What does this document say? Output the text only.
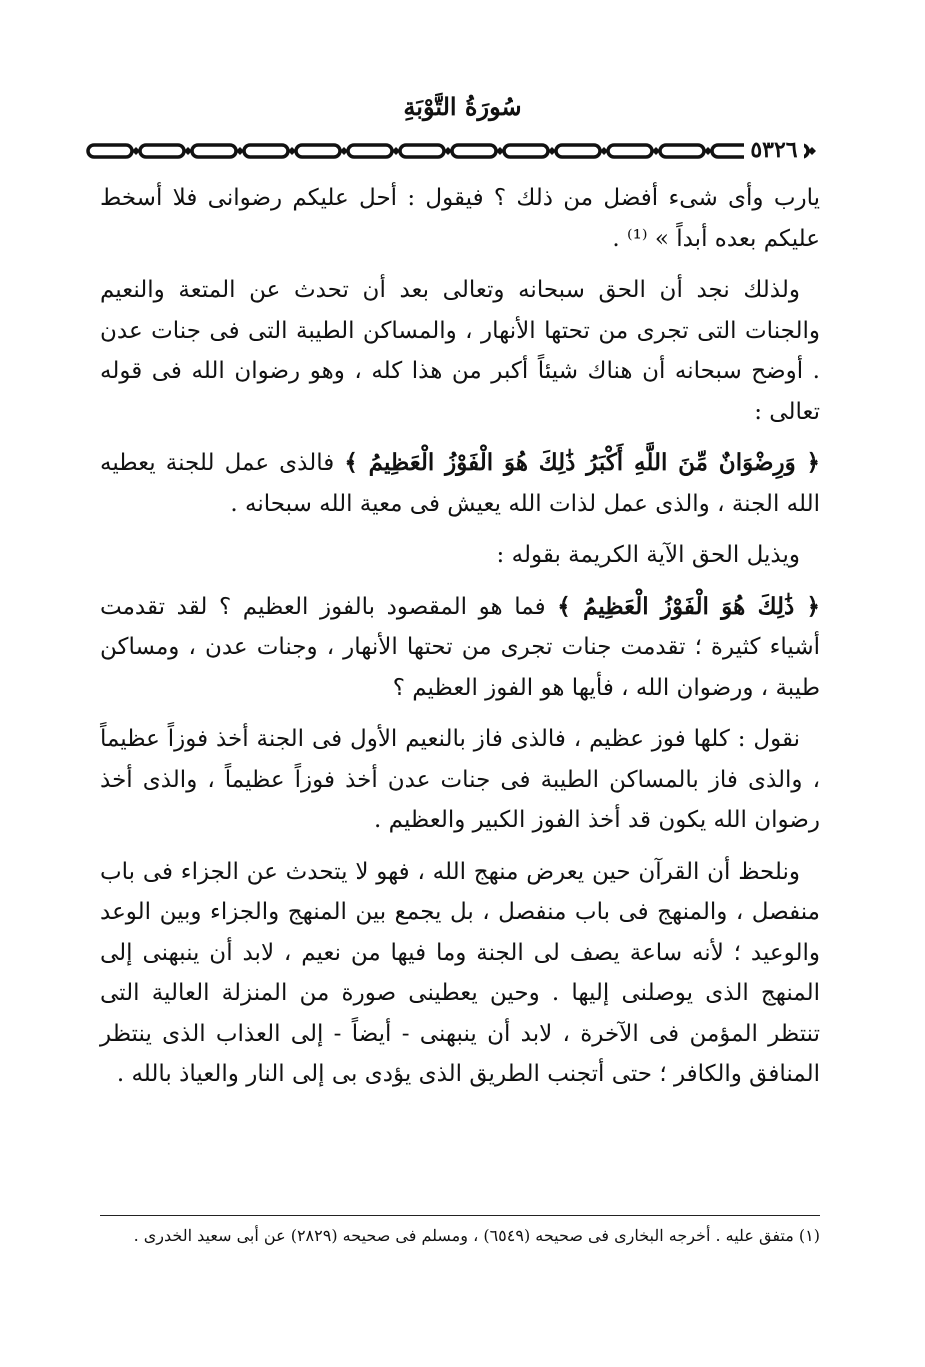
سُورَةُ التَّوْبَةِ
٥٣٢٦

يارب وأى شىء أفضل من ذلك ؟ فيقول : أحل عليكم رضوانى فلا أسخط عليكم بعده أبداً » ⁽¹⁾ .

ولذلك نجد أن الحق سبحانه وتعالى بعد أن تحدث عن المتعة والنعيم والجنات التى تجرى من تحتها الأنهار ، والمساكن الطيبة التى فى جنات عدن . أوضح سبحانه أن هناك شيئاً أكبر من هذا كله ، وهو رضوان الله فى قوله تعالى :

﴿ وَرِضْوَانٌ مِّنَ اللَّهِ أَكْبَرُ ذَٰلِكَ هُوَ الْفَوْزُ الْعَظِيمُ ﴾ فالذى عمل للجنة يعطيه الله الجنة ، والذى عمل لذات الله يعيش فى معية الله سبحانه .

ويذيل الحق الآية الكريمة بقوله :

﴿ ذَٰلِكَ هُوَ الْفَوْزُ الْعَظِيمُ ﴾ فما هو المقصود بالفوز العظيم ؟ لقد تقدمت أشياء كثيرة ؛ تقدمت جنات تجرى من تحتها الأنهار ، وجنات عدن ، ومساكن طيبة ، ورضوان الله ، فأيها هو الفوز العظيم ؟

نقول : كلها فوز عظيم ، فالذى فاز بالنعيم الأول فى الجنة أخذ فوزاً عظيماً ، والذى فاز بالمساكن الطيبة فى جنات عدن أخذ فوزاً عظيماً ، والذى أخذ رضوان الله يكون قد أخذ الفوز الكبير والعظيم .

ونلحظ أن القرآن حين يعرض منهج الله ، فهو لا يتحدث عن الجزاء فى باب منفصل ، والمنهج فى باب منفصل ، بل يجمع بين المنهج والجزاء وبين الوعد والوعيد ؛ لأنه ساعة يصف لى الجنة وما فيها من نعيم ، لابد أن ينبهنى إلى المنهج الذى يوصلنى إليها . وحين يعطينى صورة من المنزلة العالية التى تنتظر المؤمن فى الآخرة ، لابد أن ينبهنى - أيضاً - إلى العذاب الذى ينتظر المنافق والكافر ؛ حتى أتجنب الطريق الذى يؤدى بى إلى النار والعياذ بالله .

(١) متفق عليه . أخرجه البخارى فى صحيحه (٦٥٤٩) ، ومسلم فى صحيحه (٢٨٢٩) عن أبى سعيد الخدرى .
